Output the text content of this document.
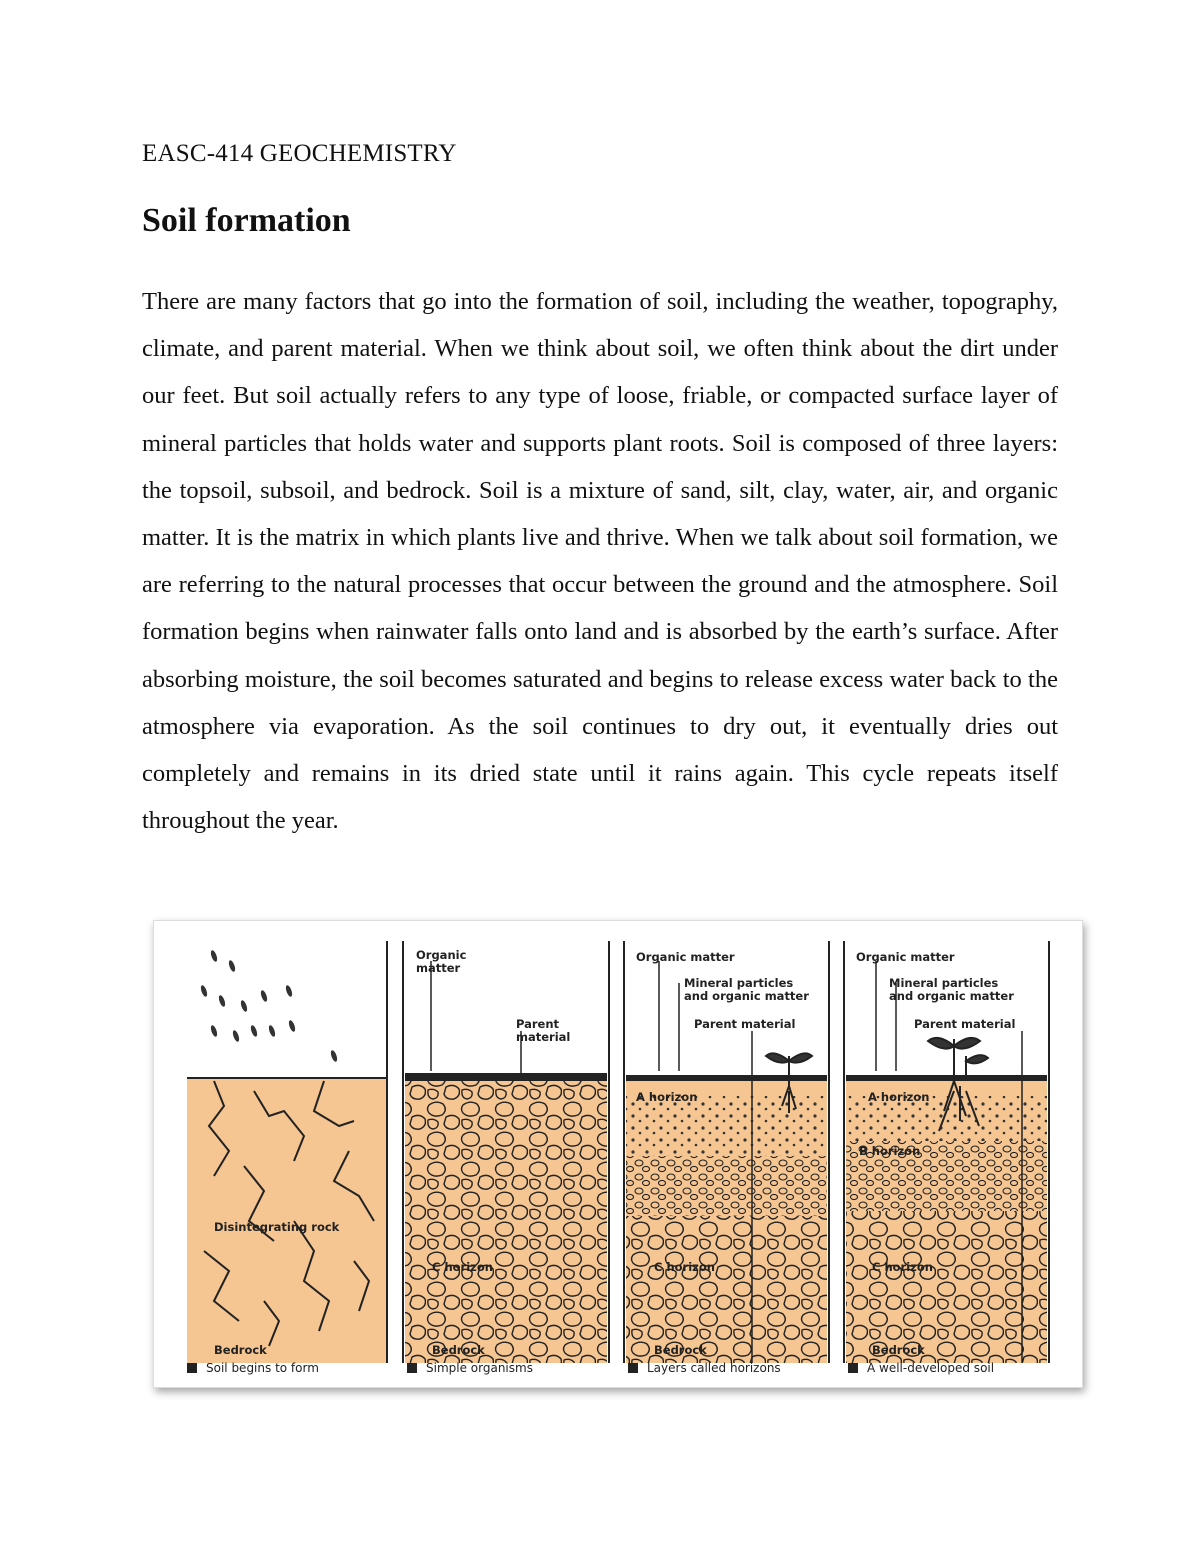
EASC-414 GEOCHEMISTRY
Soil formation

There are many factors that go into the formation of soil, including the weather, topography, climate, and parent material. When we think about soil, we often think about the dirt under our feet. But soil actually refers to any type of loose, friable, or compacted surface layer of mineral particles that holds water and supports plant roots. Soil is composed of three layers: the topsoil, subsoil, and bedrock. Soil is a mixture of sand, silt, clay, water, air, and organic matter. It is the matrix in which plants live and thrive. When we talk about soil formation, we are referring to the natural processes that occur between the ground and the atmosphere. Soil formation begins when rainwater falls onto land and is absorbed by the earth’s surface. After absorbing moisture, the soil becomes saturated and begins to release excess water back to the atmosphere via evaporation. As the soil continues to dry out, it eventually dries out completely and remains in its dried state until it rains again. This cycle repeats itself throughout the year.

Disintegrating rock
Bedrock
Soil begins to form
Organic
matter
Parent
material
C horizon
Bedrock
Simple organisms
Organic matter
Mineral particles
and organic matter
Parent material
A horizon
C horizon
Bedrock
Layers called horizons
Organic matter
Mineral particles
and organic matter
Parent material
A horizon
B horizon
C horizon
Bedrock
A well-developed soil
